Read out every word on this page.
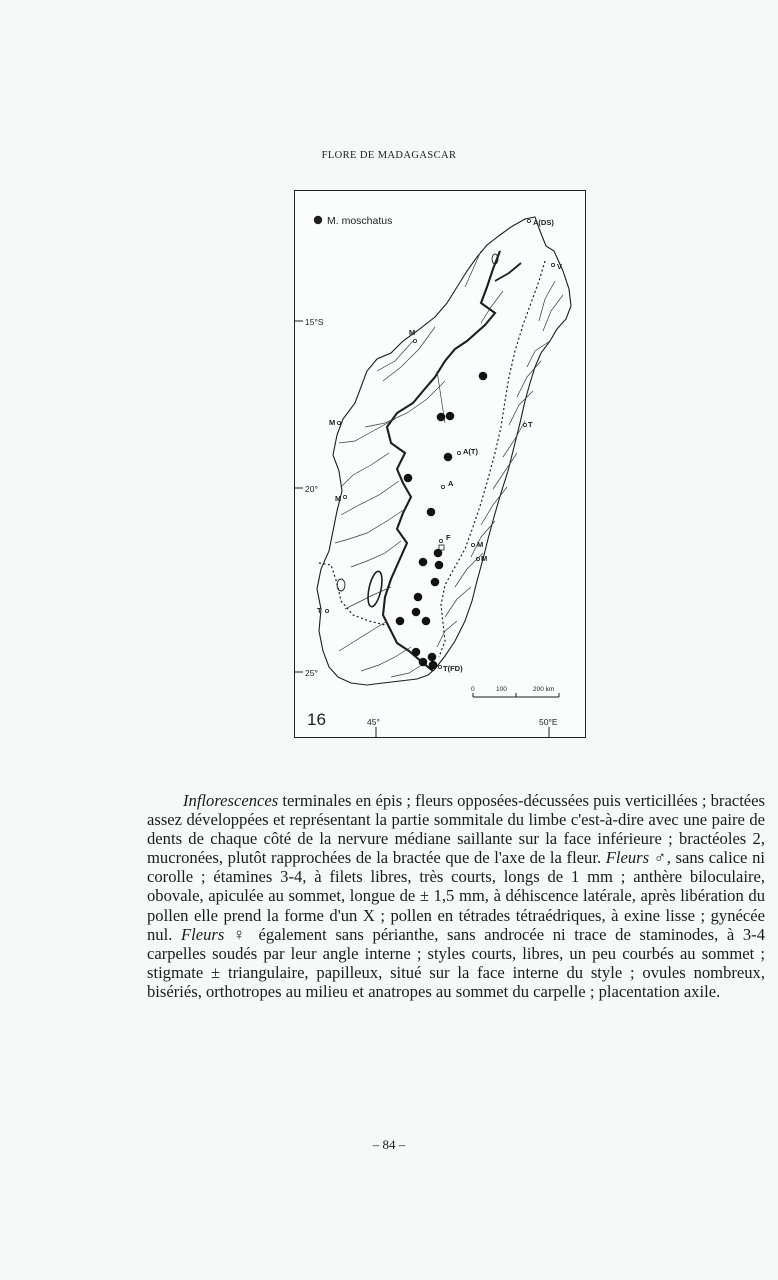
FLORE DE MADAGASCAR
M. moschatus
15°S
20°
25°
45°	50°E
16
A(DS)
V
M
M	T
A(T)
A
M
F
M
M
T
T(FD)
0	100	200 km

Inflorescences terminales en épis ; fleurs opposées-décussées puis verticillées ; bractées assez développées et représentant la partie sommitale du limbe c'est-à-dire avec une paire de dents de chaque côté de la nervure médiane saillante sur la face inférieure ; bractéoles 2, mucronées, plutôt rapprochées de la bractée que de l'axe de la fleur. Fleurs ♂, sans calice ni corolle ; étamines 3-4, à filets libres, très courts, longs de 1 mm ; anthère biloculaire, obovale, apiculée au sommet, longue de ± 1,5 mm, à déhiscence latérale, après libération du pollen elle prend la forme d'un X ; pollen en tétrades tétraédriques, à exine lisse ; gynécée nul. Fleurs ♀ également sans périanthe, sans androcée ni trace de staminodes, à 3-4 carpelles soudés par leur angle interne ; styles courts, libres, un peu courbés au sommet ; stigmate ± triangulaire, papilleux, situé sur la face interne du style ; ovules nombreux, bisériés, orthotropes au milieu et anatropes au sommet du carpelle ; placentation axile.

– 84 –
